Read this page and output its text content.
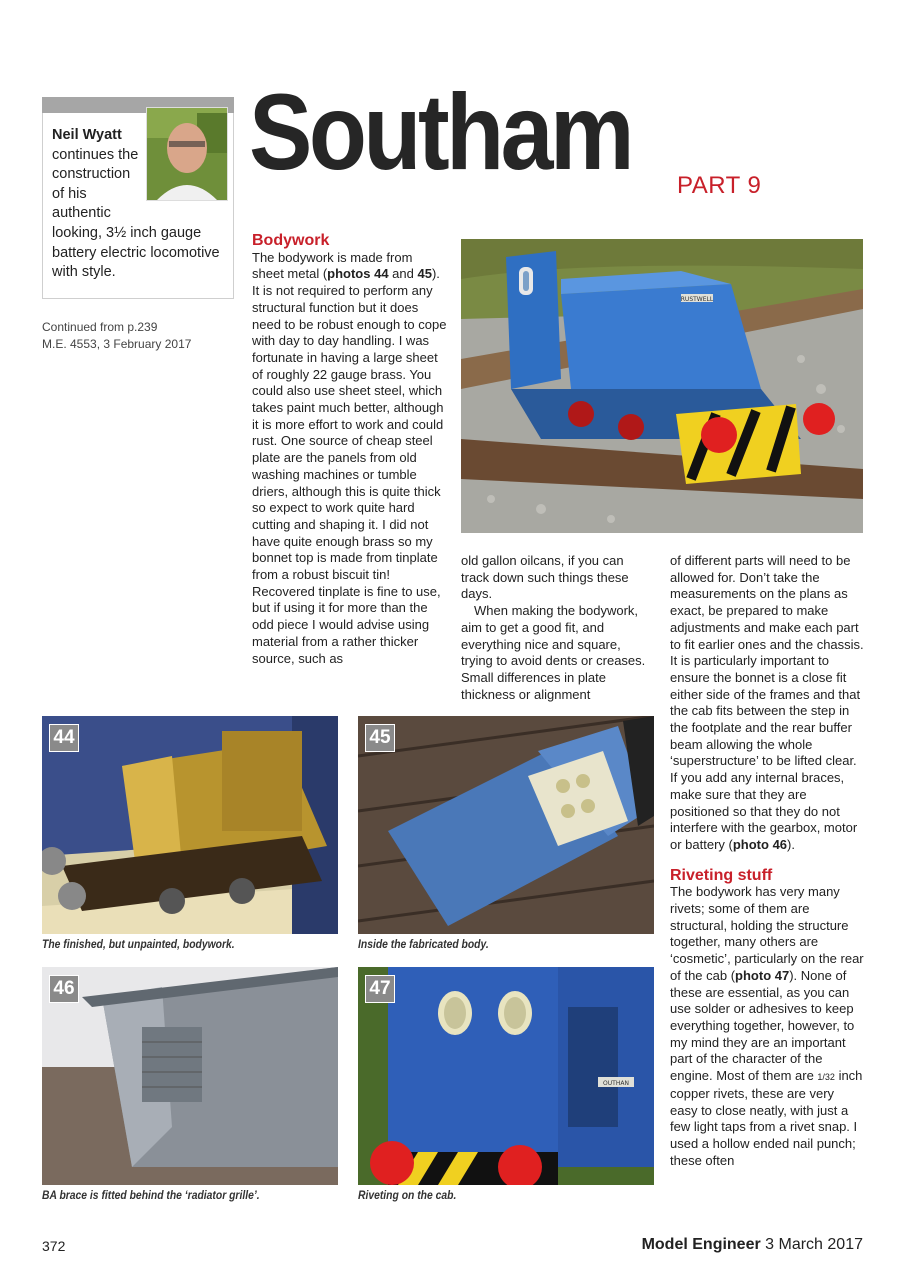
Neil Wyatt
continues the construction of his authentic looking, 3½ inch gauge battery electric locomotive with style.
Continued from p.239
M.E. 4553, 3 February 2017
Southam PART 9
Bodywork

The bodywork is made from sheet metal (photos 44 and 45). It is not required to perform any structural function but it does need to be robust enough to cope with day to day handling. I was fortunate in having a large sheet of roughly 22 gauge brass. You could also use sheet steel, which takes paint much better, although it is more effort to work and could rust. One source of cheap steel plate are the panels from old washing machines or tumble driers, although this is quite thick so expect to work quite hard cutting and shaping it. I did not have quite enough brass so my bonnet top is made from tinplate from a robust biscuit tin! Recovered tinplate is fine to use, but if using it for more than the odd piece I would advise using material from a rather thicker source, such as

RUSTWELL

old gallon oilcans, if you can track down such things these days.

When making the bodywork, aim to get a good fit, and everything nice and square, trying to avoid dents or creases. Small differences in plate thickness or alignment

of different parts will need to be allowed for. Don’t take the measurements on the plans as exact, be prepared to make adjustments and make each part to fit earlier ones and the chassis. It is particularly important to ensure the bonnet is a close fit either side of the frames and that the cab fits between the step in the footplate and the rear buffer beam allowing the whole ‘superstructure’ to be lifted clear. If you add any internal braces, make sure that they are positioned so that they do not interfere with the gearbox, motor or battery (photo 46).

Riveting stuff

The bodywork has very many rivets; some of them are structural, holding the structure together, many others are ‘cosmetic’, particularly on the rear of the cab (photo 47). None of these are essential, as you can use solder or adhesives to keep everything together, however, to my mind they are an important part of the character of the engine. Most of them are 1/32 inch copper rivets, these are very easy to close neatly, with just a few light taps from a rivet snap. I used a hollow ended nail punch; these often

44
The finished, but unpainted, bodywork.
45
Inside the fabricated body.
46
BA brace is fitted behind the ‘radiator grille’.
OUTHAN
47
Riveting on the cab.
372	Model Engineer 3 March 2017
